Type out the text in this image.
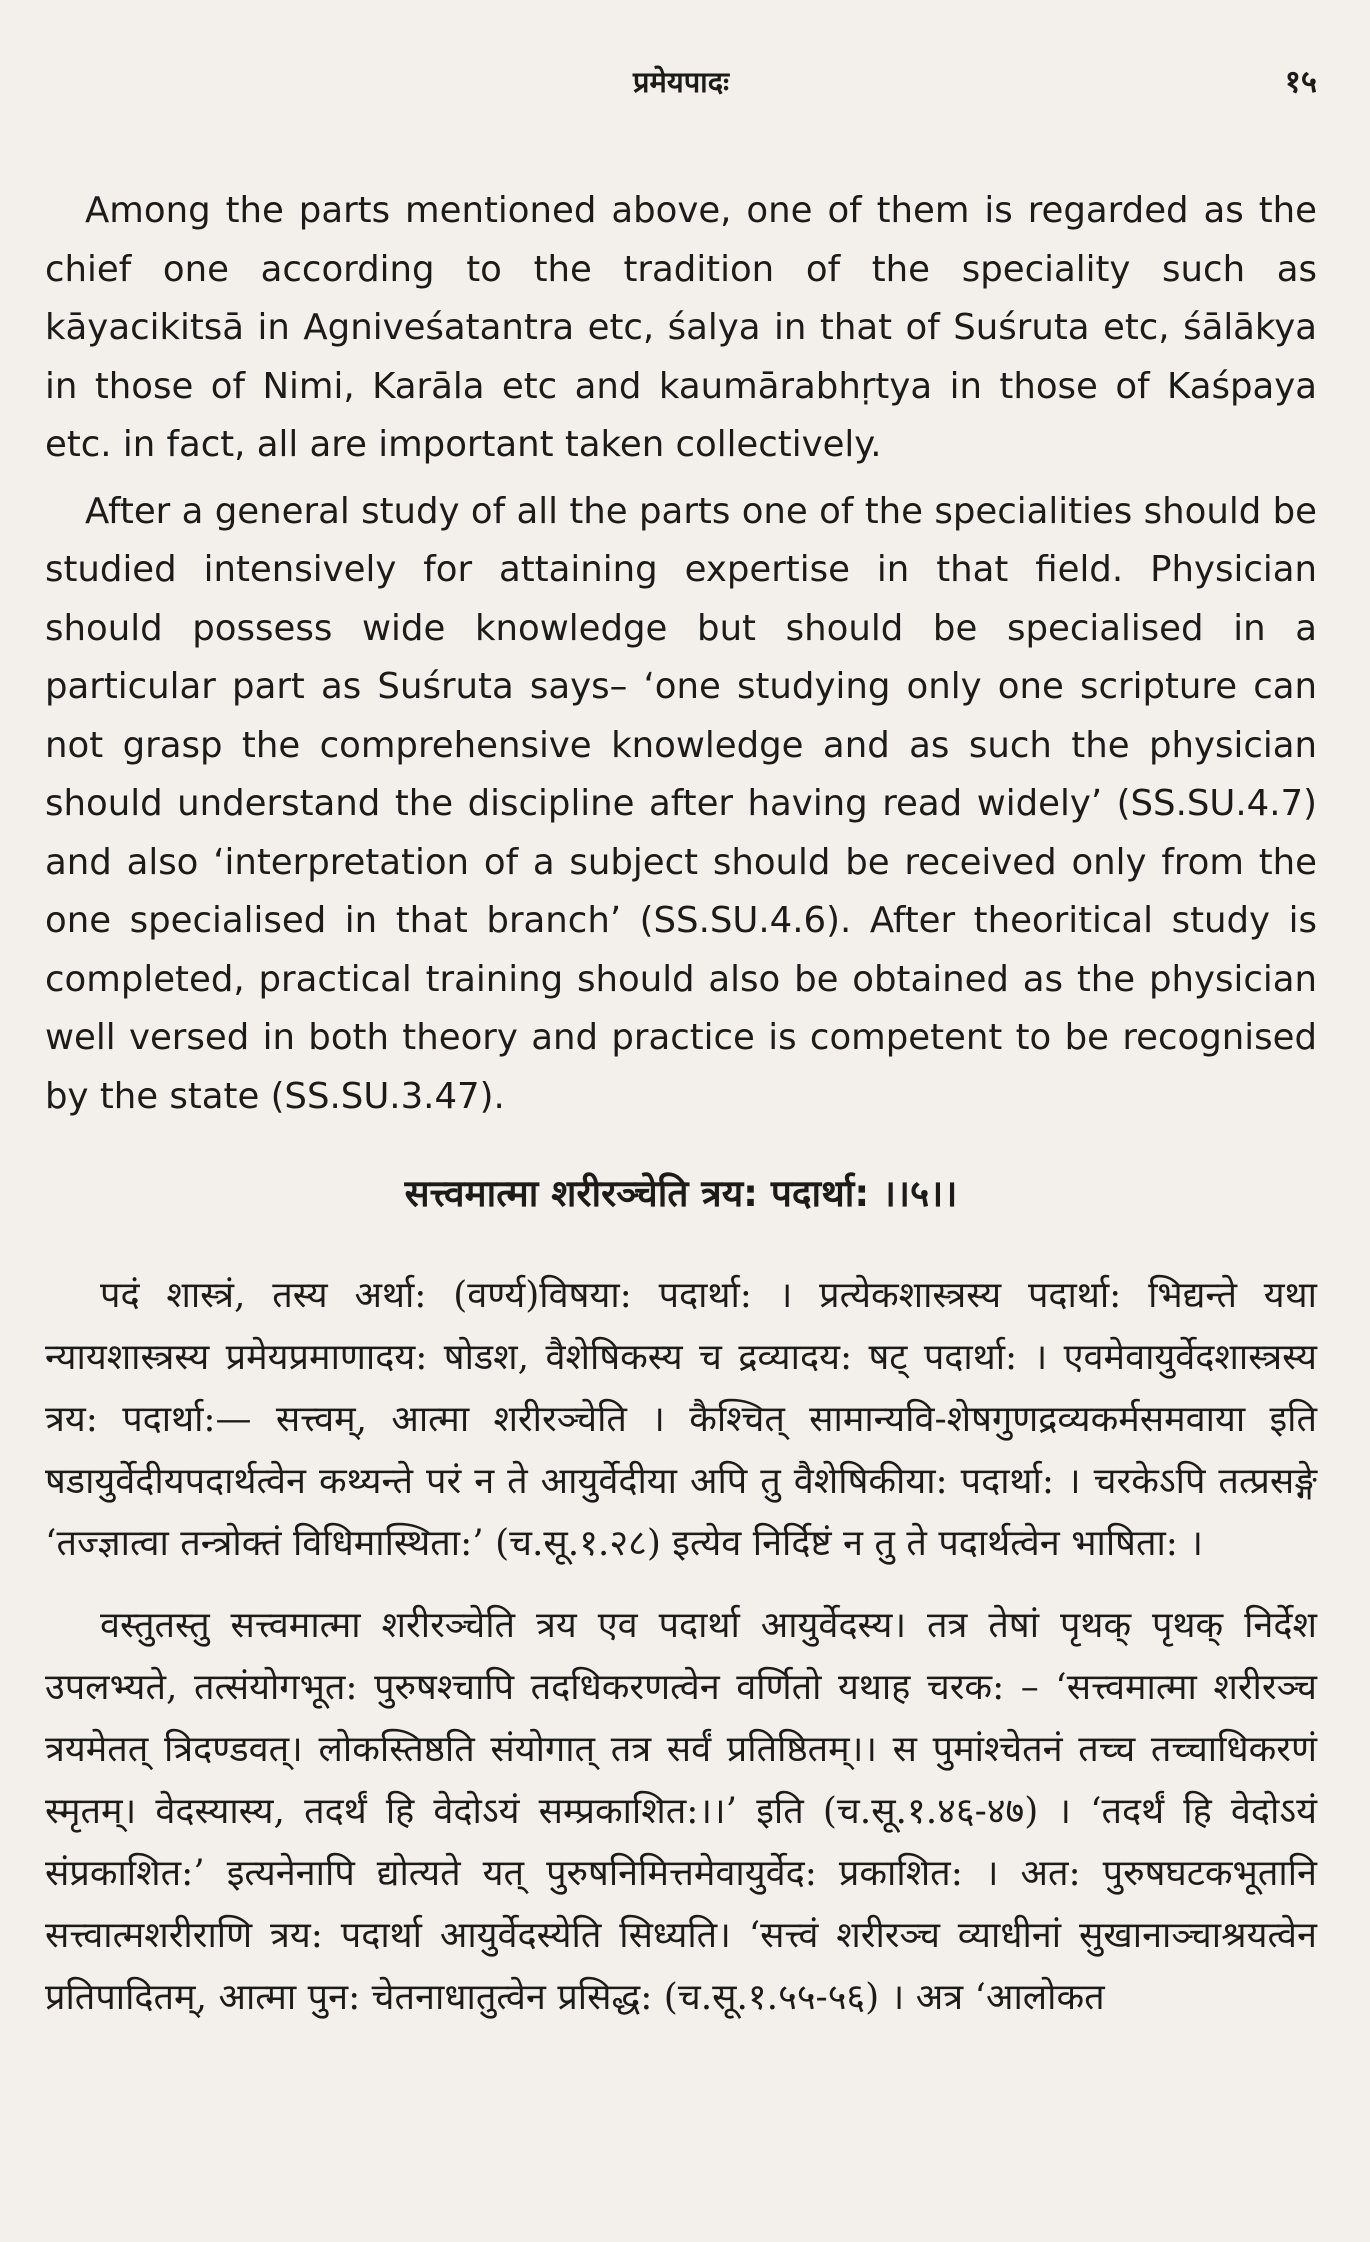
प्रमेयपादः	१५

Among the parts mentioned above, one of them is regarded as the chief one according to the tradition of the speciality such as kāyacikitsā in Agniveśatantra etc, śalya in that of Suśruta etc, śālākya in those of Nimi, Karāla etc and kaumārabhṛtya in those of Kaśpaya etc. in fact, all are important taken collectively.

After a general study of all the parts one of the specialities should be studied intensively for attaining expertise in that field. Physician should possess wide knowledge but should be specialised in a particular part as Suśruta says– ‘one studying only one scripture can not grasp the comprehensive knowledge and as such the physician should understand the discipline after having read widely’ (SS.SU.4.7) and also ‘interpretation of a subject should be received only from the one specialised in that branch’ (SS.SU.4.6). After theoritical study is completed, practical training should also be obtained as the physician well versed in both theory and practice is competent to be recognised by the state (SS.SU.3.47).

सत्त्वमात्मा शरीरञ्चेति त्रय: पदार्था: ।।५।।

पदं शास्त्रं, तस्य अर्था: (वर्ण्य)विषया: पदार्था: । प्रत्येकशास्त्रस्य पदार्था: भिद्यन्ते यथा न्यायशास्त्रस्य प्रमेयप्रमाणादय: षोडश, वैशेषिकस्य च द्रव्यादय: षट् पदार्था: । एवमेवायुर्वेदशास्त्रस्य त्रय: पदार्था:— सत्त्वम्, आत्मा शरीरञ्चेति । कैश्चित् सामान्यवि-शेषगुणद्रव्यकर्मसमवाया इति षडायुर्वेदीयपदार्थत्वेन कथ्यन्ते परं न ते आयुर्वेदीया अपि तु वैशेषिकीया: पदार्था: । चरकेऽपि तत्प्रसङ्गे ‘तज्ज्ञात्वा तन्त्रोक्तं विधिमास्थिता:’ (च.सू.१.२८) इत्येव निर्दिष्टं न तु ते पदार्थत्वेन भाषिता: ।

वस्तुतस्तु सत्त्वमात्मा शरीरञ्चेति त्रय एव पदार्था आयुर्वेदस्य। तत्र तेषां पृथक् पृथक् निर्देश उपलभ्यते, तत्संयोगभूत: पुरुषश्चापि तदधिकरणत्वेन वर्णितो यथाह चरक: – ‘सत्त्वमात्मा शरीरञ्च त्रयमेतत् त्रिदण्डवत्। लोकस्तिष्ठति संयोगात् तत्र सर्वं प्रतिष्ठितम्।। स पुमांश्चेतनं तच्च तच्चाधिकरणं स्मृतम्। वेदस्यास्य, तदर्थं हि वेदोऽयं सम्प्रकाशित:।।’ इति (च.सू.१.४६-४७) । ‘तदर्थं हि वेदोऽयं संप्रकाशित:’ इत्यनेनापि द्योत्यते यत् पुरुषनिमित्तमेवायुर्वेद: प्रकाशित: । अत: पुरुषघटकभूतानि सत्त्वात्मशरीराणि त्रय: पदार्था आयुर्वेदस्येति सिध्यति। ‘सत्त्वं शरीरञ्च व्याधीनां सुखानाञ्चाश्रयत्वेन प्रतिपादितम्, आत्मा पुन: चेतनाधातुत्वेन प्रसिद्ध: (च.सू.१.५५-५६) । अत्र ‘आलोकत
